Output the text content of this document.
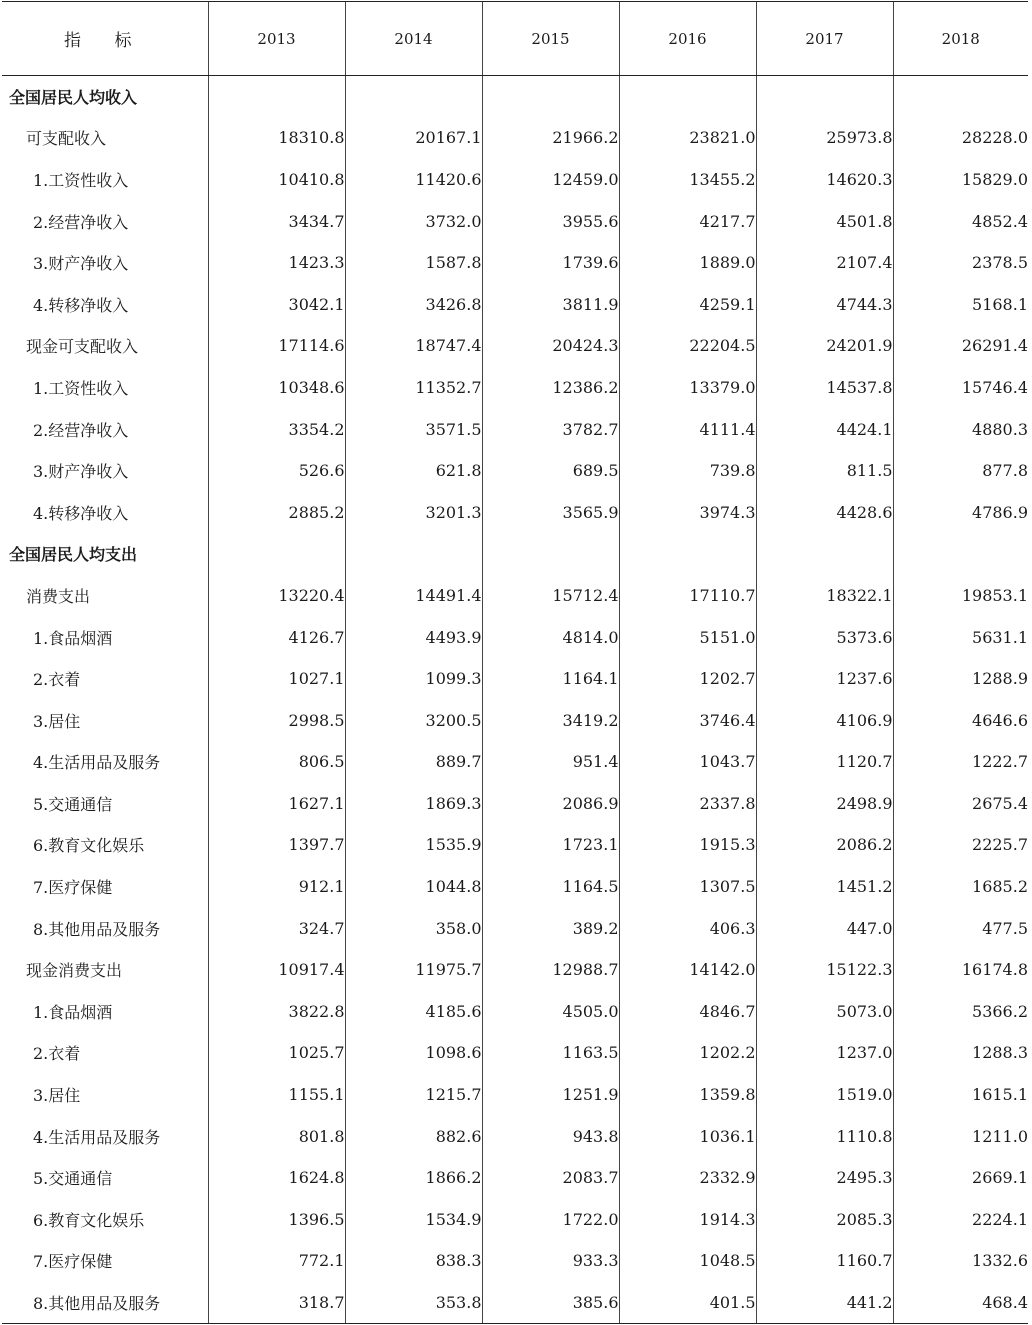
指 标	2013	2014	2015	2016	2017	2018
全国居民人均收入						
可支配收入	18310.8	20167.1	21966.2	23821.0	25973.8	28228.0
1.工资性收入	10410.8	11420.6	12459.0	13455.2	14620.3	15829.0
2.经营净收入	3434.7	3732.0	3955.6	4217.7	4501.8	4852.4
3.财产净收入	1423.3	1587.8	1739.6	1889.0	2107.4	2378.5
4.转移净收入	3042.1	3426.8	3811.9	4259.1	4744.3	5168.1
现金可支配收入	17114.6	18747.4	20424.3	22204.5	24201.9	26291.4
1.工资性收入	10348.6	11352.7	12386.2	13379.0	14537.8	15746.4
2.经营净收入	3354.2	3571.5	3782.7	4111.4	4424.1	4880.3
3.财产净收入	526.6	621.8	689.5	739.8	811.5	877.8
4.转移净收入	2885.2	3201.3	3565.9	3974.3	4428.6	4786.9
全国居民人均支出						
消费支出	13220.4	14491.4	15712.4	17110.7	18322.1	19853.1
1.食品烟酒	4126.7	4493.9	4814.0	5151.0	5373.6	5631.1
2.衣着	1027.1	1099.3	1164.1	1202.7	1237.6	1288.9
3.居住	2998.5	3200.5	3419.2	3746.4	4106.9	4646.6
4.生活用品及服务	806.5	889.7	951.4	1043.7	1120.7	1222.7
5.交通通信	1627.1	1869.3	2086.9	2337.8	2498.9	2675.4
6.教育文化娱乐	1397.7	1535.9	1723.1	1915.3	2086.2	2225.7
7.医疗保健	912.1	1044.8	1164.5	1307.5	1451.2	1685.2
8.其他用品及服务	324.7	358.0	389.2	406.3	447.0	477.5
现金消费支出	10917.4	11975.7	12988.7	14142.0	15122.3	16174.8
1.食品烟酒	3822.8	4185.6	4505.0	4846.7	5073.0	5366.2
2.衣着	1025.7	1098.6	1163.5	1202.2	1237.0	1288.3
3.居住	1155.1	1215.7	1251.9	1359.8	1519.0	1615.1
4.生活用品及服务	801.8	882.6	943.8	1036.1	1110.8	1211.0
5.交通通信	1624.8	1866.2	2083.7	2332.9	2495.3	2669.1
6.教育文化娱乐	1396.5	1534.9	1722.0	1914.3	2085.3	2224.1
7.医疗保健	772.1	838.3	933.3	1048.5	1160.7	1332.6
8.其他用品及服务	318.7	353.8	385.6	401.5	441.2	468.4
